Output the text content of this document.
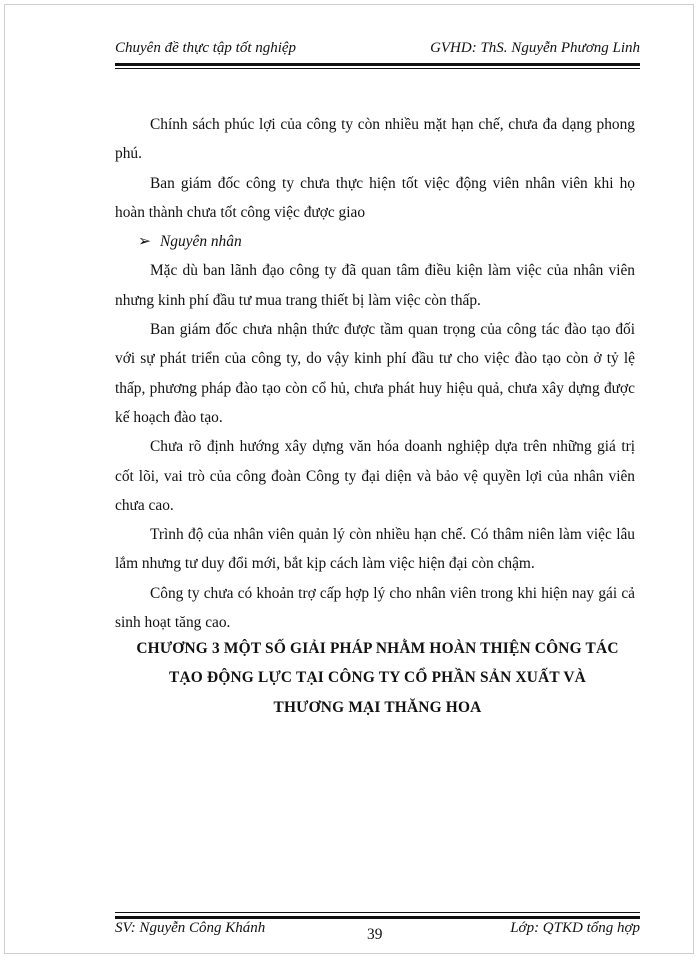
Chuyên đề thực tập tốt nghiệp	GVHD: ThS. Nguyễn Phương Linh

Chính sách phúc lợi của công ty còn nhiều mặt hạn chế, chưa đa dạng phong phú.

Ban giám đốc công ty chưa thực hiện tốt việc động viên nhân viên khi họ hoàn thành chưa tốt công việc được giao

➢ Nguyên nhân

Mặc dù ban lãnh đạo công ty đã quan tâm điều kiện làm việc của nhân viên nhưng kinh phí đầu tư mua trang thiết bị làm việc còn thấp.

Ban giám đốc chưa nhận thức được tầm quan trọng của công tác đào tạo đối với sự phát triển của công ty, do vậy kinh phí đầu tư cho việc đào tạo còn ở tỷ lệ thấp, phương pháp đào tạo còn cổ hủ, chưa phát huy hiệu quả, chưa xây dựng được kế hoạch đào tạo.

Chưa rõ định hướng xây dựng văn hóa doanh nghiệp dựa trên những giá trị cốt lõi, vai trò của công đoàn Công ty đại diện và bảo vệ quyền lợi của nhân viên chưa cao.

Trình độ của nhân viên quản lý còn nhiều hạn chế. Có thâm niên làm việc lâu lắm nhưng tư duy đổi mới, bắt kịp cách làm việc hiện đại còn chậm.

Công ty chưa có khoản trợ cấp hợp lý cho nhân viên trong khi hiện nay gái cả sinh hoạt tăng cao.

CHƯƠNG 3 MỘT SỐ GIẢI PHÁP NHẰM HOÀN THIỆN CÔNG TÁC
TẠO ĐỘNG LỰC TẠI CÔNG TY CỔ PHẦN SẢN XUẤT VÀ
THƯƠNG MẠI THĂNG HOA
SV: Nguyễn Công Khánh	39	Lớp: QTKD tổng hợp
